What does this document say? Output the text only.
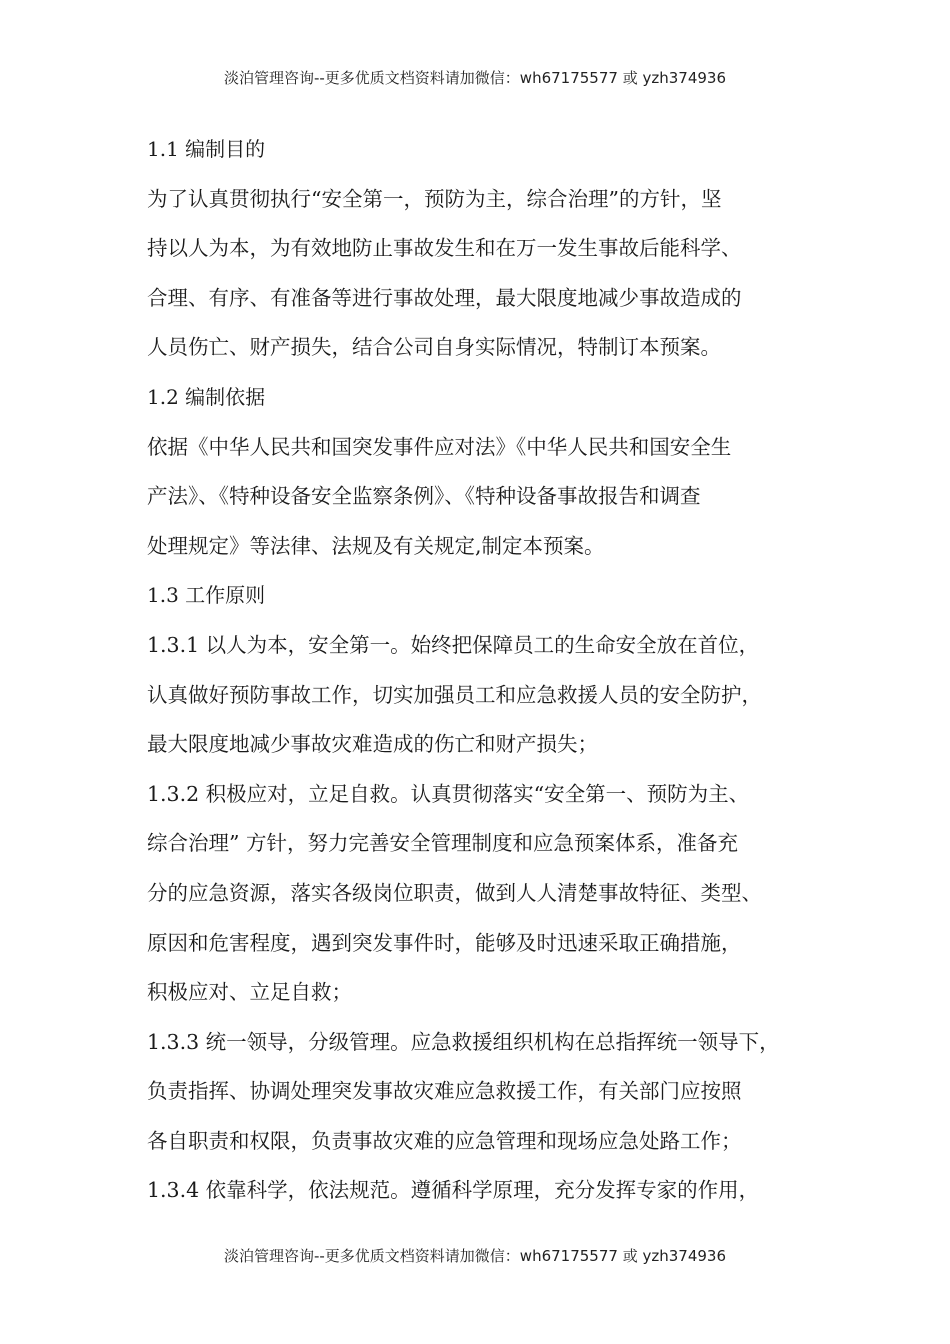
淡泊管理咨询--更多优质文档资料请加微信：wh67175577 或 yzh374936
1.1 编制目的
为了认真贯彻执行“安全第一，预防为主，综合治理”的方针，坚
持以人为本，为有效地防止事故发生和在万一发生事故后能科学、
合理、有序、有准备等进行事故处理，最大限度地减少事故造成的
人员伤亡、财产损失，结合公司自身实际情况，特制订本预案。
1.2 编制依据
依据《中华人民共和国突发事件应对法》《中华人民共和国安全生
产法》、《特种设备安全监察条例》、《特种设备事故报告和调查
处理规定》等法律、法规及有关规定,制定本预案。
1.3 工作原则
1.3.1 以人为本，安全第一。始终把保障员工的生命安全放在首位，
认真做好预防事故工作，切实加强员工和应急救援人员的安全防护，
最大限度地减少事故灾难造成的伤亡和财产损失；
1.3.2 积极应对，立足自救。认真贯彻落实“安全第一、预防为主、
综合治理” 方针，努力完善安全管理制度和应急预案体系，准备充
分的应急资源，落实各级岗位职责，做到人人清楚事故特征、类型、
原因和危害程度，遇到突发事件时，能够及时迅速采取正确措施，
积极应对、立足自救；
1.3.3 统一领导，分级管理。应急救援组织机构在总指挥统一领导下，
负责指挥、协调处理突发事故灾难应急救援工作，有关部门应按照
各自职责和权限，负责事故灾难的应急管理和现场应急处路工作；
1.3.4 依靠科学，依法规范。遵循科学原理，充分发挥专家的作用，
淡泊管理咨询--更多优质文档资料请加微信：wh67175577 或 yzh374936
